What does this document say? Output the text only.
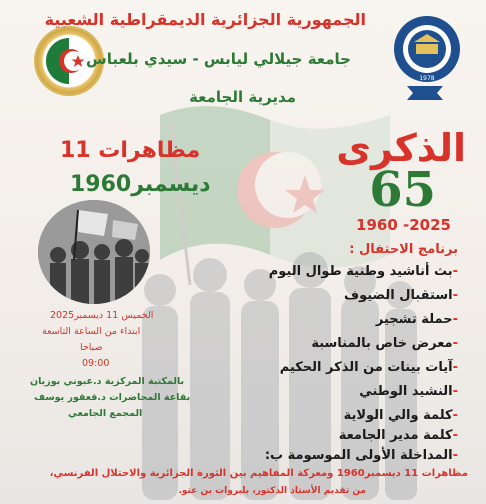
1978
الجمهورية الجزائرية الديمقراطية الشعبية
جامعة جيلالي ليابس - سيدي بلعباس
مديرية الجامعة
مظاهرات 11
ديسمبر1960
الذكرى
65
1960 -2025
الخميس 11 ديسمبر2025
ابتداء من الساعة التاسعة
صباحا
09:00
بالمكتبة المركزية د.عبوني بوزيان
بقاعة المحاضرات د.قعقور يوسف
المجمع الجامعي
برنامج الاحتفال :
-بث أناشيد وطنية طوال اليوم
-استقبال الضيوف
-حملة تشجير
-معرض خاص بالمناسبة
-آيات بينات من الذكر الحكيم
-النشيد الوطني
-كلمة والي الولاية
-كلمة مدير الجامعة
-المداخلة الأولى الموسومة ب:
مظاهرات 11 ديسمبر1960 ومعركة المفاهيم بين الثورة الجزائرية والاحتلال الفرنسي،
من تقديم الأستاذ الدكتور، بلبروات بن عتو.
